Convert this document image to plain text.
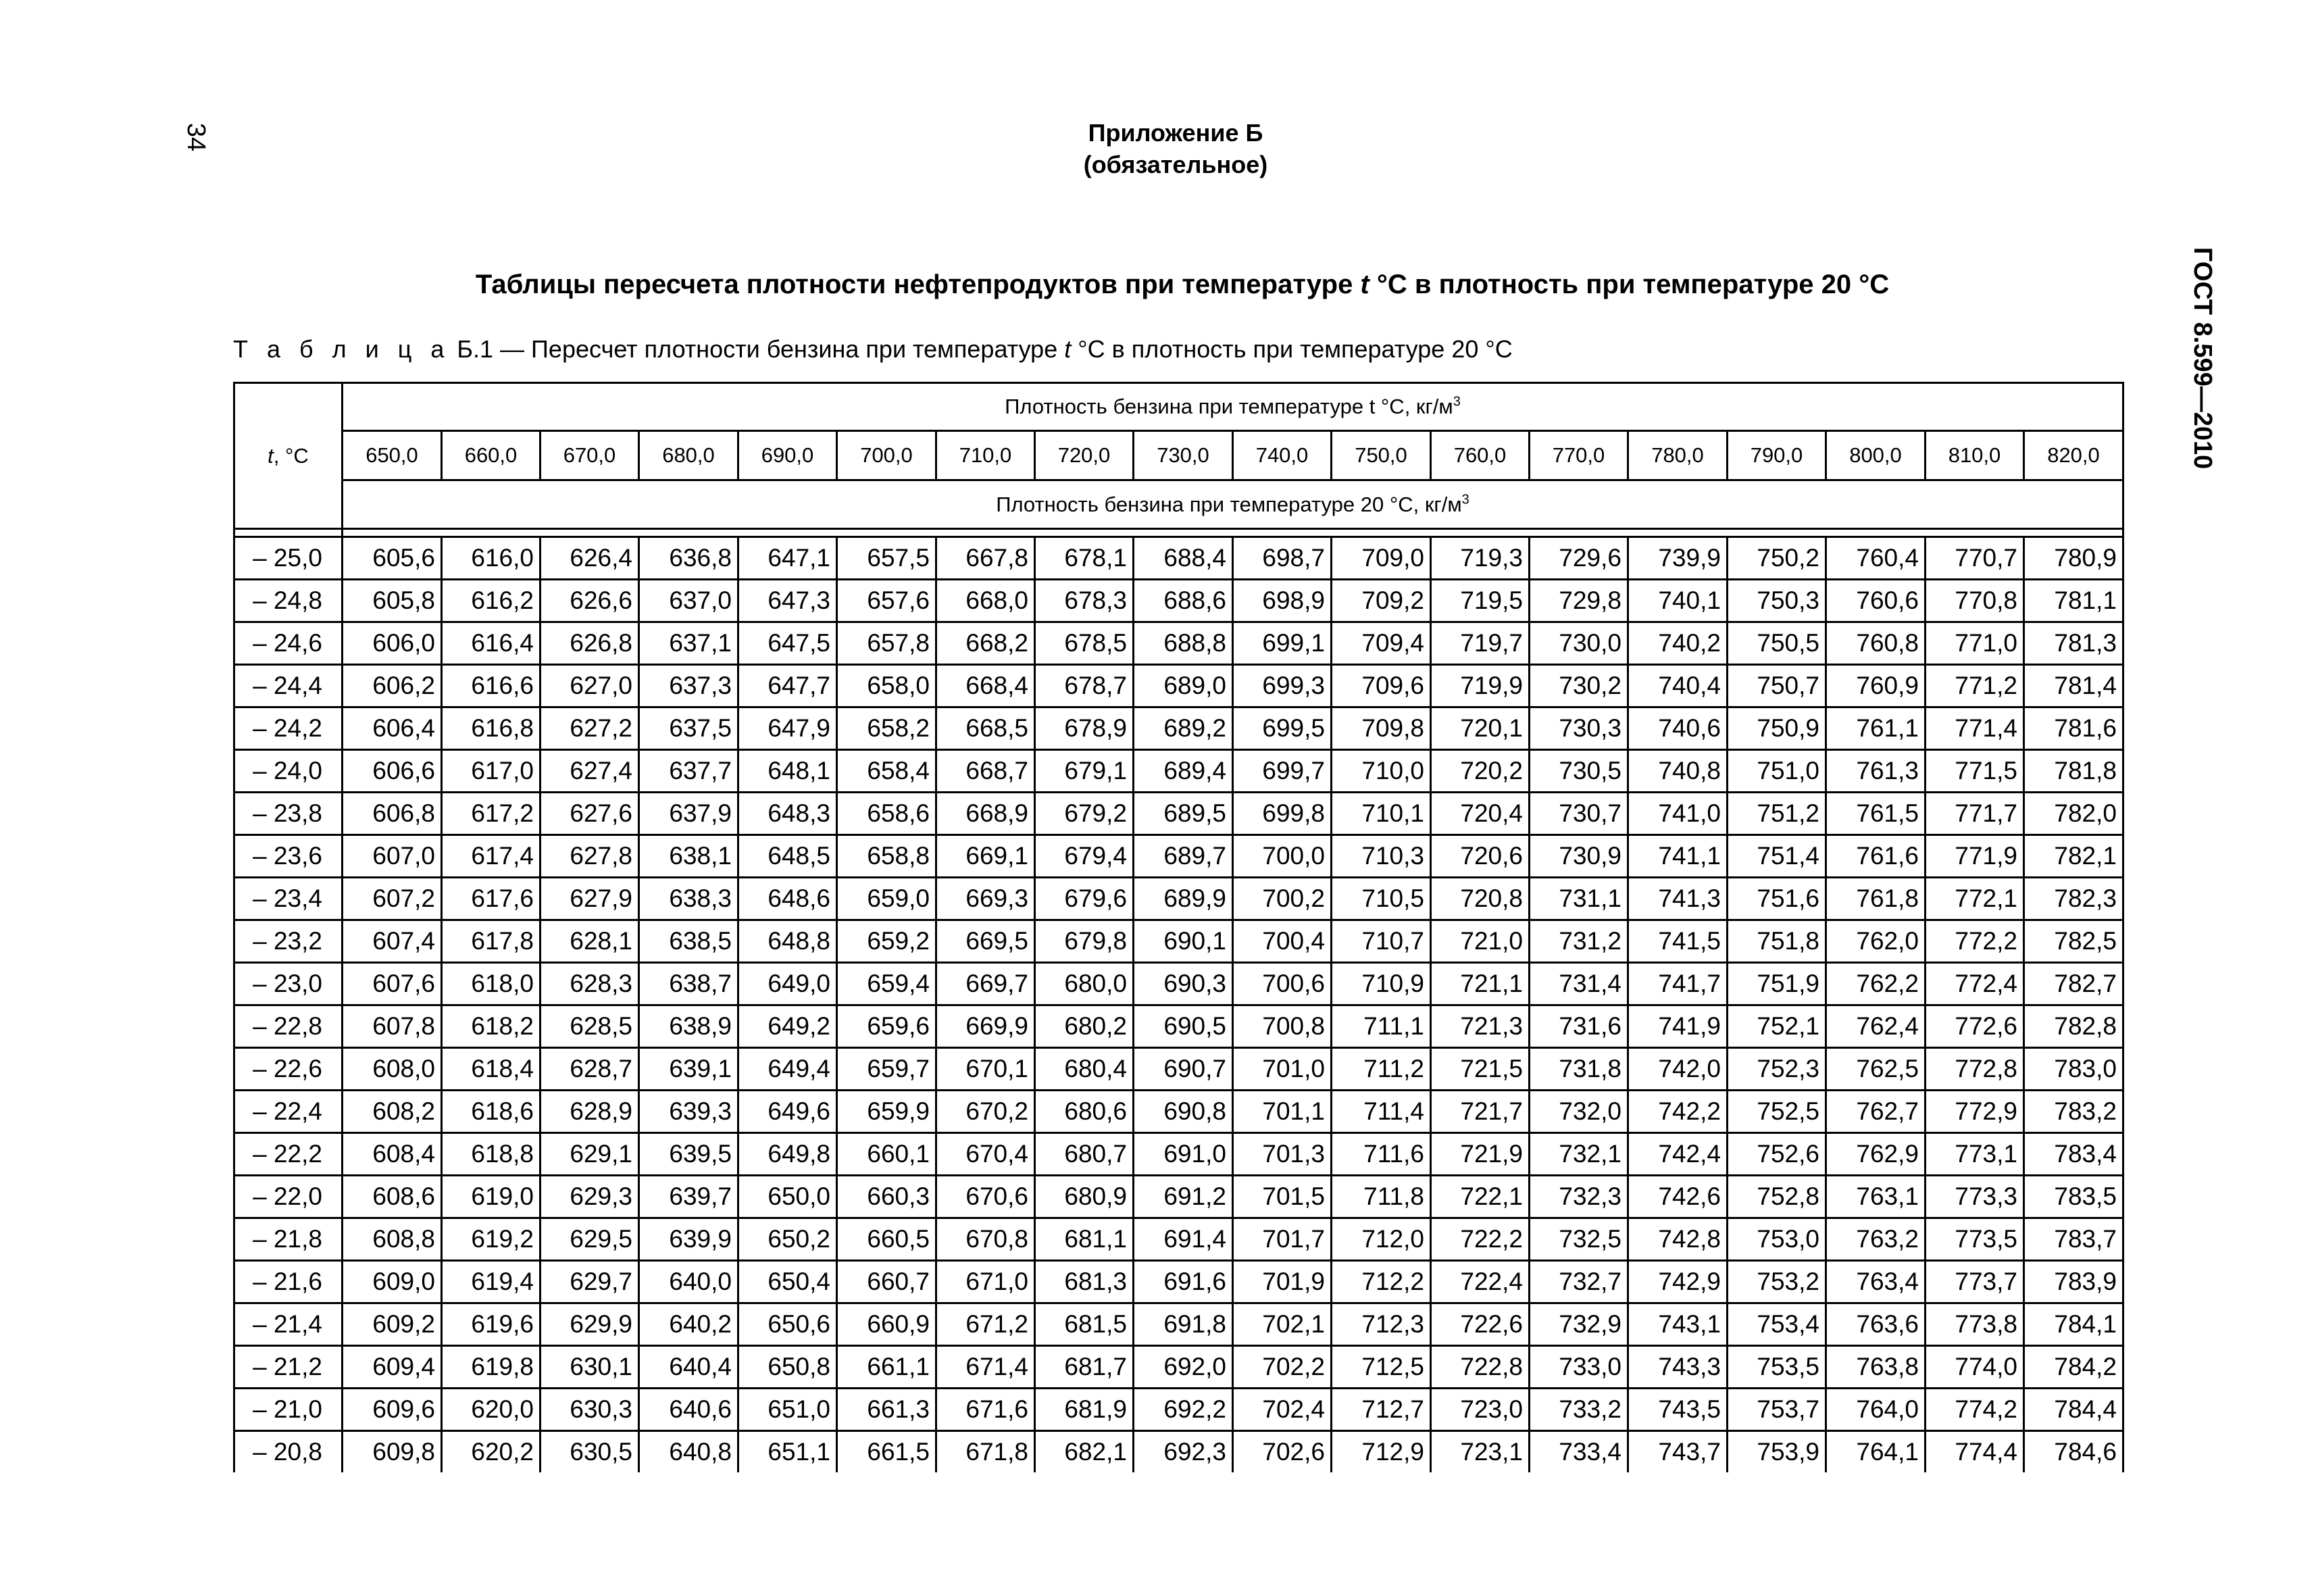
34
ГОСТ 8.599—2010
Приложение Б
(обязательное)
Таблицы пересчета плотности нефтепродуктов при температуре t °С в плотность при температуре 20 °С
Т а б л и ц а Б.1 — Пересчет плотности бензина при температуре t °С в плотность при температуре 20 °С
t, °С	Плотность бензина при температуре t °С, $кг/м^3$
	650,0	660,0	670,0	680,0	690,0	700,0	710,0	720,0	730,0	740,0	750,0	760,0	770,0	780,0	790,0	800,0	810,0	820,0
	Плотность бензина при температуре 20 °С, $кг/м^3$

– 25,0	605,6	616,0	626,4	636,8	647,1	657,5	667,8	678,1	688,4	698,7	709,0	719,3	729,6	739,9	750,2	760,4	770,7	780,9
– 24,8	605,8	616,2	626,6	637,0	647,3	657,6	668,0	678,3	688,6	698,9	709,2	719,5	729,8	740,1	750,3	760,6	770,8	781,1
– 24,6	606,0	616,4	626,8	637,1	647,5	657,8	668,2	678,5	688,8	699,1	709,4	719,7	730,0	740,2	750,5	760,8	771,0	781,3
– 24,4	606,2	616,6	627,0	637,3	647,7	658,0	668,4	678,7	689,0	699,3	709,6	719,9	730,2	740,4	750,7	760,9	771,2	781,4
– 24,2	606,4	616,8	627,2	637,5	647,9	658,2	668,5	678,9	689,2	699,5	709,8	720,1	730,3	740,6	750,9	761,1	771,4	781,6
– 24,0	606,6	617,0	627,4	637,7	648,1	658,4	668,7	679,1	689,4	699,7	710,0	720,2	730,5	740,8	751,0	761,3	771,5	781,8
– 23,8	606,8	617,2	627,6	637,9	648,3	658,6	668,9	679,2	689,5	699,8	710,1	720,4	730,7	741,0	751,2	761,5	771,7	782,0
– 23,6	607,0	617,4	627,8	638,1	648,5	658,8	669,1	679,4	689,7	700,0	710,3	720,6	730,9	741,1	751,4	761,6	771,9	782,1
– 23,4	607,2	617,6	627,9	638,3	648,6	659,0	669,3	679,6	689,9	700,2	710,5	720,8	731,1	741,3	751,6	761,8	772,1	782,3
– 23,2	607,4	617,8	628,1	638,5	648,8	659,2	669,5	679,8	690,1	700,4	710,7	721,0	731,2	741,5	751,8	762,0	772,2	782,5
– 23,0	607,6	618,0	628,3	638,7	649,0	659,4	669,7	680,0	690,3	700,6	710,9	721,1	731,4	741,7	751,9	762,2	772,4	782,7
– 22,8	607,8	618,2	628,5	638,9	649,2	659,6	669,9	680,2	690,5	700,8	711,1	721,3	731,6	741,9	752,1	762,4	772,6	782,8
– 22,6	608,0	618,4	628,7	639,1	649,4	659,7	670,1	680,4	690,7	701,0	711,2	721,5	731,8	742,0	752,3	762,5	772,8	783,0
– 22,4	608,2	618,6	628,9	639,3	649,6	659,9	670,2	680,6	690,8	701,1	711,4	721,7	732,0	742,2	752,5	762,7	772,9	783,2
– 22,2	608,4	618,8	629,1	639,5	649,8	660,1	670,4	680,7	691,0	701,3	711,6	721,9	732,1	742,4	752,6	762,9	773,1	783,4
– 22,0	608,6	619,0	629,3	639,7	650,0	660,3	670,6	680,9	691,2	701,5	711,8	722,1	732,3	742,6	752,8	763,1	773,3	783,5
– 21,8	608,8	619,2	629,5	639,9	650,2	660,5	670,8	681,1	691,4	701,7	712,0	722,2	732,5	742,8	753,0	763,2	773,5	783,7
– 21,6	609,0	619,4	629,7	640,0	650,4	660,7	671,0	681,3	691,6	701,9	712,2	722,4	732,7	742,9	753,2	763,4	773,7	783,9
– 21,4	609,2	619,6	629,9	640,2	650,6	660,9	671,2	681,5	691,8	702,1	712,3	722,6	732,9	743,1	753,4	763,6	773,8	784,1
– 21,2	609,4	619,8	630,1	640,4	650,8	661,1	671,4	681,7	692,0	702,2	712,5	722,8	733,0	743,3	753,5	763,8	774,0	784,2
– 21,0	609,6	620,0	630,3	640,6	651,0	661,3	671,6	681,9	692,2	702,4	712,7	723,0	733,2	743,5	753,7	764,0	774,2	784,4
– 20,8	609,8	620,2	630,5	640,8	651,1	661,5	671,8	682,1	692,3	702,6	712,9	723,1	733,4	743,7	753,9	764,1	774,4	784,6
